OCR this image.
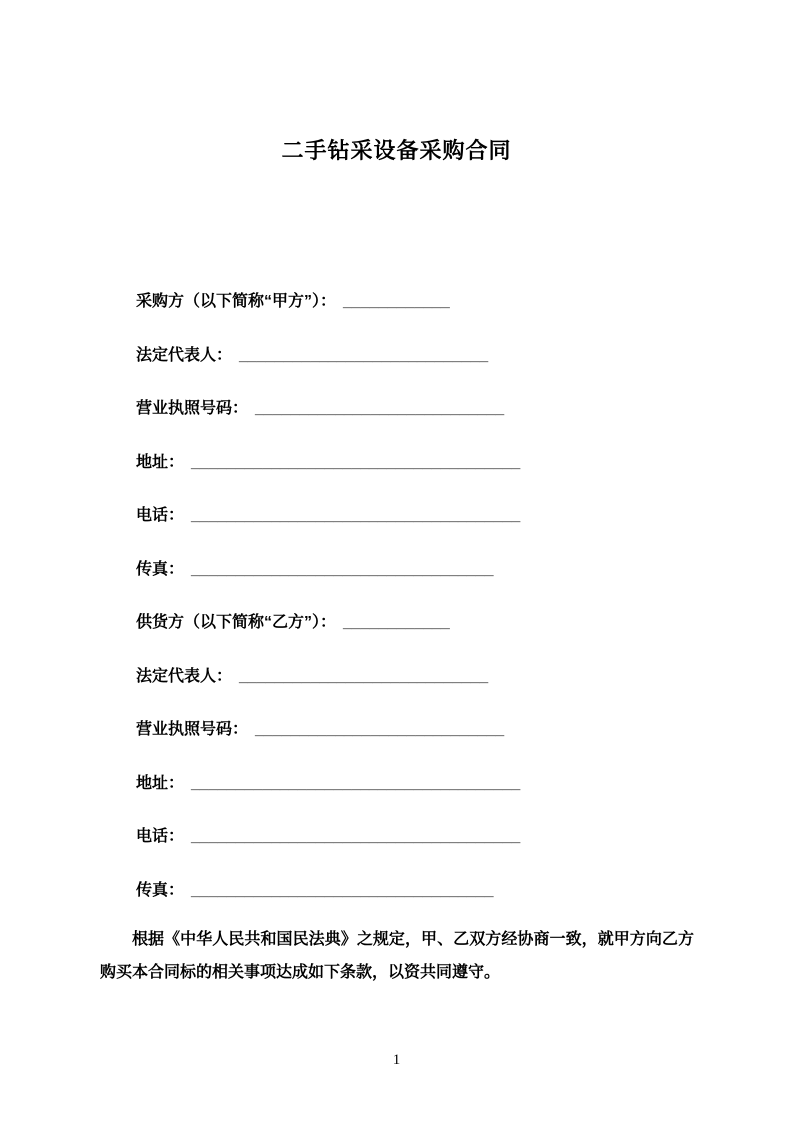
二手钻采设备采购合同

采购方（以下简称“甲方”）： ____________

法定代表人： ____________________________

营业执照号码： ____________________________

地址： _____________________________________

电话： _____________________________________

传真： __________________________________

供货方（以下简称“乙方”）： ____________

法定代表人： ____________________________

营业执照号码： ____________________________

地址： _____________________________________

电话： _____________________________________

传真： __________________________________

根据《中华人民共和国民法典》之规定，甲、乙双方经协商一致，就甲方向乙方购买本合同标的相关事项达成如下条款，以资共同遵守。

1
